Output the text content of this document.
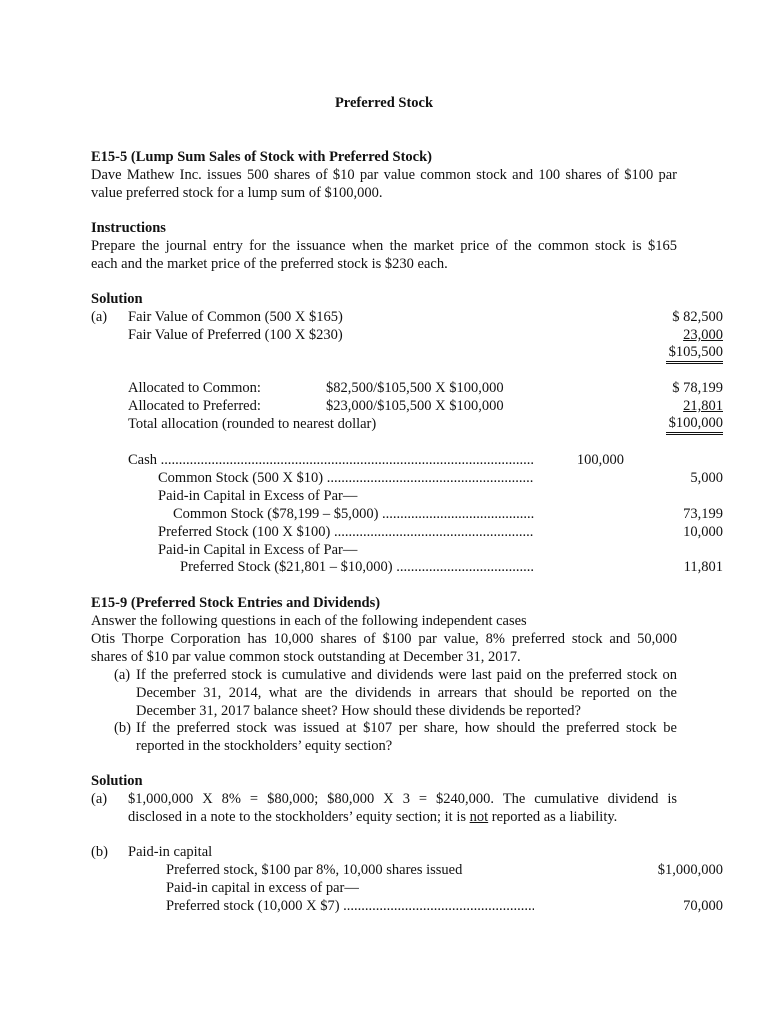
Preferred Stock
E15-5 (Lump Sum Sales of Stock with Preferred Stock)
Dave Mathew Inc. issues 500 shares of $10 par value common stock and 100 shares of $100 par
value preferred stock for a lump sum of $100,000.
Instructions
Prepare the journal entry for the issuance when the market price of the common stock is $165
each and the market price of the preferred stock is $230 each.
Solution
(a) Fair Value of Common (500 X $165)	$ 82,500
Fair Value of Preferred (100 X $230)	23,000
$105,500
Allocated to Common:	$82,500/$105,500 X $100,000	$ 78,199
Allocated to Preferred:	$23,000/$105,500 X $100,000	21,801
Total allocation (rounded to nearest dollar)	$100,000
Cash .....	100,000
Common Stock (500 X $10) .....	5,000
Paid-in Capital in Excess of Par—
Common Stock ($78,199 – $5,000) .....	73,199
Preferred Stock (100 X $100) .....	10,000
Paid-in Capital in Excess of Par—
Preferred Stock ($21,801 – $10,000) .....	11,801
E15-9 (Preferred Stock Entries and Dividends)
Answer the following questions in each of the following independent cases
Otis Thorpe Corporation has 10,000 shares of $100 par value, 8% preferred stock and 50,000
shares of $10 par value common stock outstanding at December 31, 2017.
(a) If the preferred stock is cumulative and dividends were last paid on the preferred stock on
December 31, 2014, what are the dividends in arrears that should be reported on the
December 31, 2017 balance sheet? How should these dividends be reported?
(b) If the preferred stock was issued at $107 per share, how should the preferred stock be
reported in the stockholders’ equity section?
Solution
(a) $1,000,000 X 8% = $80,000; $80,000 X 3 = $240,000. The cumulative dividend is
disclosed in a note to the stockholders’ equity section; it is not reported as a liability.
(b) Paid-in capital
Preferred stock, $100 par 8%, 10,000 shares issued	$1,000,000
Paid-in capital in excess of par—
Preferred stock (10,000 X $7) .....	70,000
